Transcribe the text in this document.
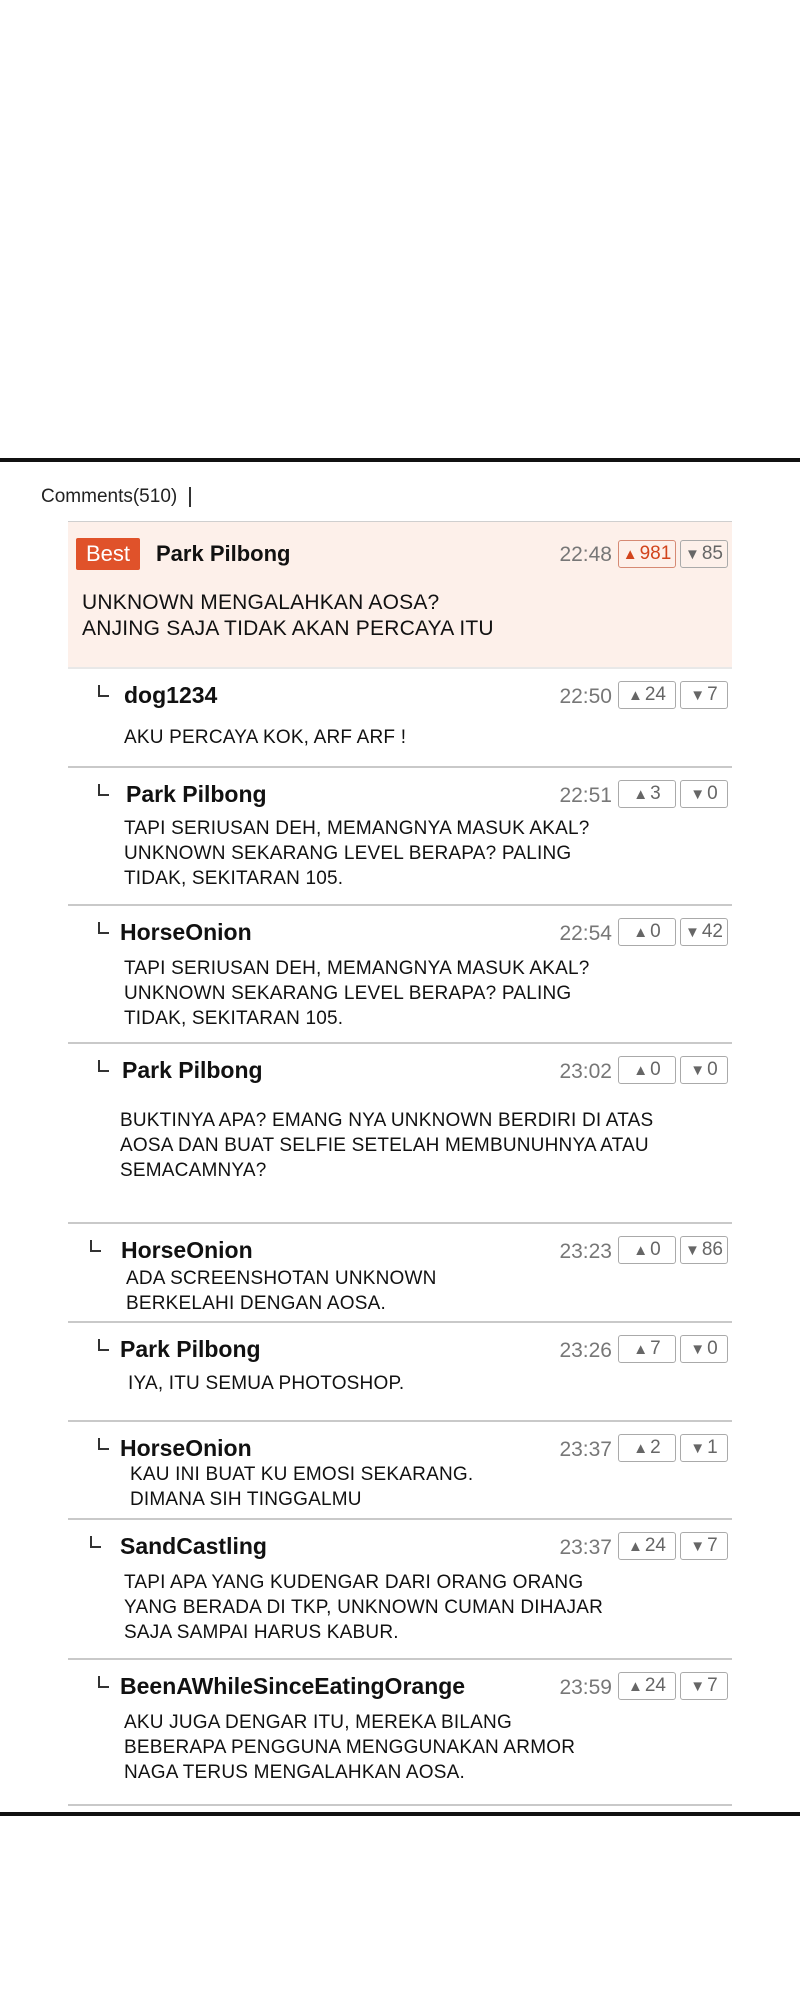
Comments(510)
Best	Park Pilbong	22:48 ▲ 981 ▼ 85
UNKNOWN MENGALAHKAN AOSA?
ANJING SAJA TIDAK AKAN PERCAYA ITU
dog1234	22:50 ▲ 24 ▼ 7
AKU PERCAYA KOK, ARF ARF !
Park Pilbong	22:51 ▲ 3 ▼ 0
TAPI SERIUSAN DEH, MEMANGNYA MASUK AKAL?
UNKNOWN SEKARANG LEVEL BERAPA? PALING
TIDAK, SEKITARAN 105.
HorseOnion	22:54 ▲ 0 ▼ 42
TAPI SERIUSAN DEH, MEMANGNYA MASUK AKAL?
UNKNOWN SEKARANG LEVEL BERAPA? PALING
TIDAK, SEKITARAN 105.
Park Pilbong	23:02 ▲ 0 ▼ 0
BUKTINYA APA? EMANG NYA UNKNOWN BERDIRI DI ATAS
AOSA DAN BUAT SELFIE SETELAH MEMBUNUHNYA ATAU
SEMACAMNYA?
HorseOnion	23:23 ▲ 0 ▼ 86
ADA SCREENSHOTAN UNKNOWN
BERKELAHI DENGAN AOSA.
Park Pilbong	23:26 ▲ 7 ▼ 0
IYA, ITU SEMUA PHOTOSHOP.
HorseOnion	23:37 ▲ 2 ▼ 1
KAU INI BUAT KU EMOSI SEKARANG.
DIMANA SIH TINGGALMU
SandCastling	23:37 ▲ 24 ▼ 7
TAPI APA YANG KUDENGAR DARI ORANG ORANG
YANG BERADA DI TKP, UNKNOWN CUMAN DIHAJAR
SAJA SAMPAI HARUS KABUR.
BeenAWhileSinceEatingOrange	23:59 ▲ 24 ▼ 7
AKU JUGA DENGAR ITU, MEREKA BILANG
BEBERAPA PENGGUNA MENGGUNAKAN ARMOR
NAGA TERUS MENGALAHKAN AOSA.
